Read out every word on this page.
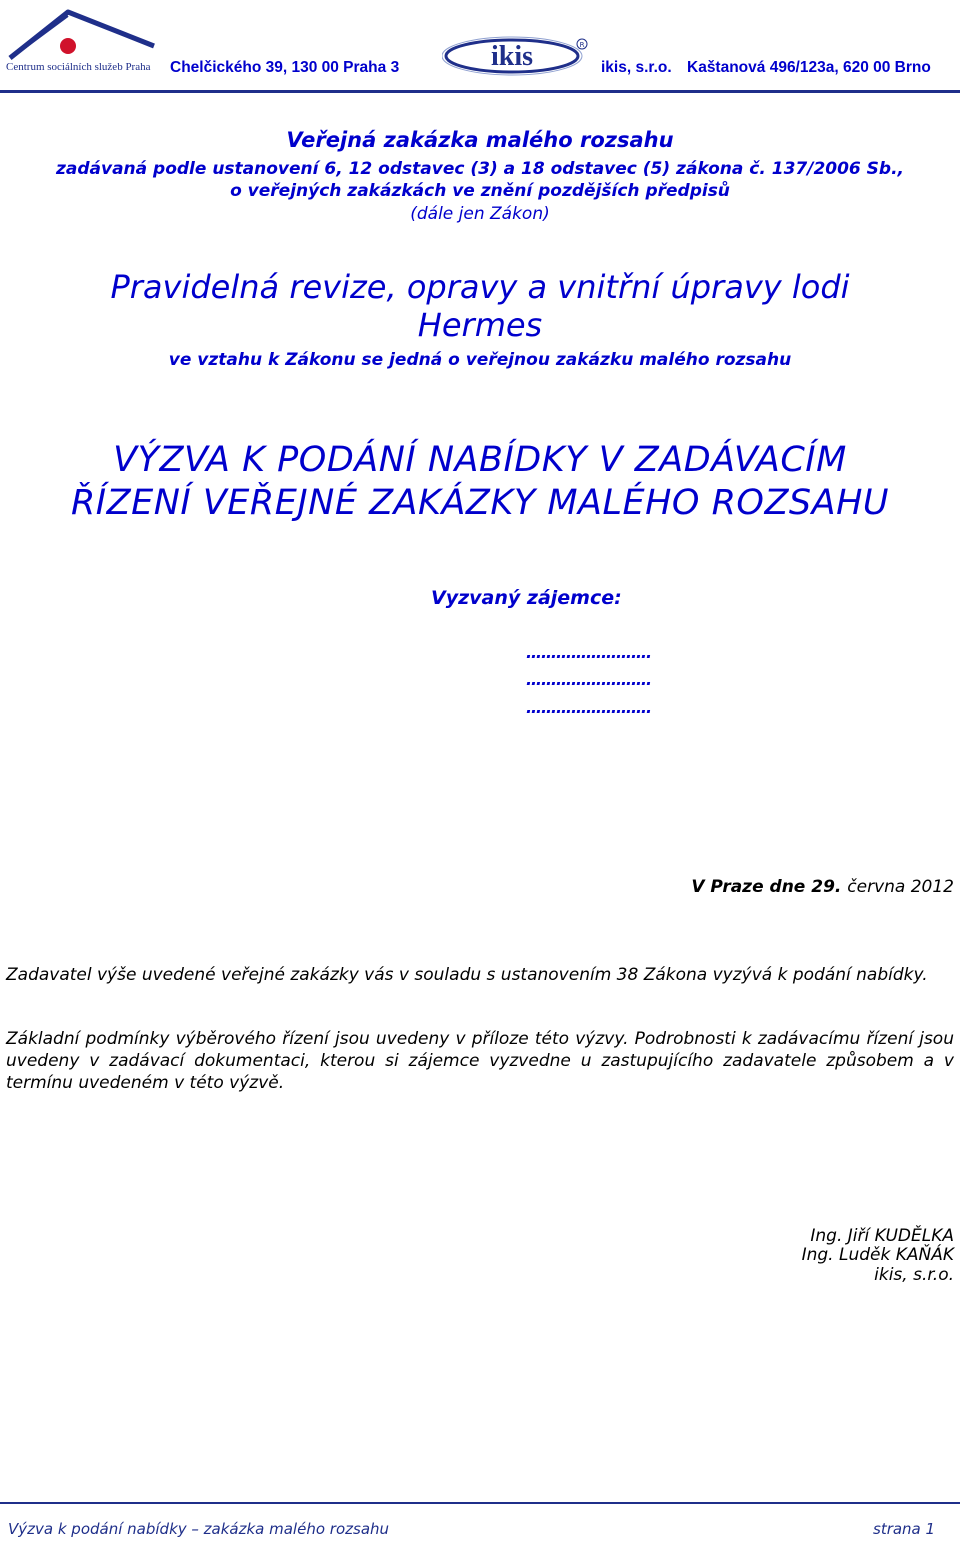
Centrum sociálních služeb Praha Chelčického 39, 130 00 Praha 3	ikis	R
ikis, s.r.o. Kaštanová 496/123a, 620 00 Brno
Veřejná zakázka malého rozsahu
zadávaná podle ustanovení 6, 12 odstavec (3) a 18 odstavec (5) zákona č. 137/2006 Sb.,
o veřejných zakázkách ve znění pozdějších předpisů
(dále jen Zákon)
Pravidelná revize, opravy a vnitřní úpravy lodi
Hermes
ve vztahu k Zákonu se jedná o veřejnou zakázku malého rozsahu
VÝZVA K PODÁNÍ NABÍDKY V ZADÁVACÍM
ŘÍZENÍ VEŘEJNÉ ZAKÁZKY MALÉHO ROZSAHU
Vyzvaný zájemce:
…………………….
…………………….
…………………….
V Praze dne 29. června 2012
Zadavatel výše uvedené veřejné zakázky vás v souladu s ustanovením 38 Zákona vyzývá k podání nabídky.
Základní podmínky výběrového řízení jsou uvedeny v příloze této výzvy. Podrobnosti k zadávacímu řízení jsou uvedeny v zadávací dokumentaci, kterou si zájemce vyzvedne u zastupujícího zadavatele způsobem a v termínu uvedeném v této výzvě.
Ing. Jiří KUDĚLKA
Ing. Luděk KAŇÁK
ikis, s.r.o.
Výzva k podání nabídky – zakázka malého rozsahu	strana 1
